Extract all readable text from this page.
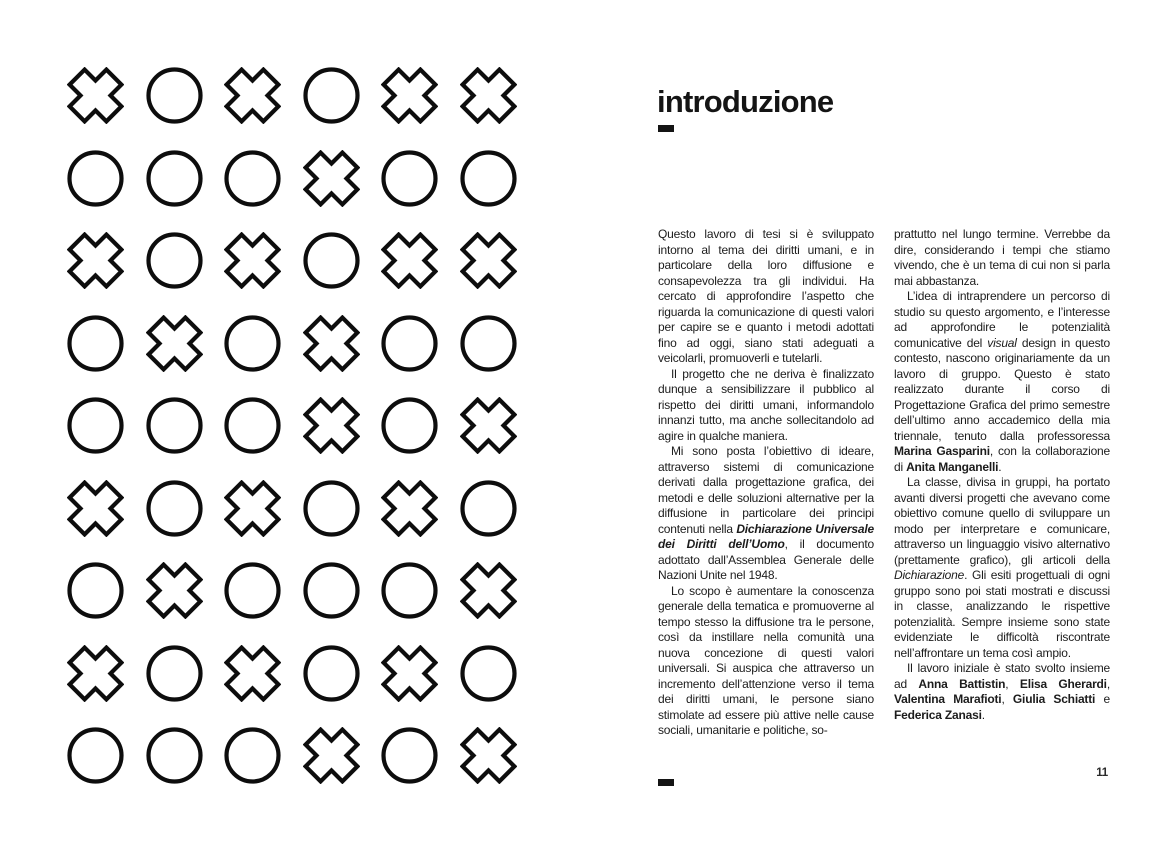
introduzione

Questo lavoro di tesi si è sviluppato intorno al tema dei diritti umani, e in particolare della loro diffusione e consapevolezza tra gli individui. Ha cercato di approfondire l’aspetto che riguarda la comunicazione di questi valori per capire se e quanto i metodi adottati fino ad oggi, siano stati adeguati a veicolarli, promuoverli e tutelarli.

Il progetto che ne deriva è finalizzato dunque a sensibilizzare il pubblico al rispetto dei diritti umani, informandolo innanzi tutto, ma anche sollecitandolo ad agire in qualche maniera.

Mi sono posta l’obiettivo di ideare, attraverso sistemi di comunicazione derivati dalla progettazione grafica, dei metodi e delle soluzioni alternative per la diffusione in particolare dei principi contenuti nella Dichiarazione Universale dei Diritti dell’Uomo, il documento adottato dall’Assemblea Generale delle Nazioni Unite nel 1948.

Lo scopo è aumentare la conoscenza generale della tematica e promuoverne al tempo stesso la diffusione tra le persone, così da instillare nella comunità una nuova concezione di questi valori universali. Si auspica che attraverso un incremento dell’attenzione verso il tema dei diritti umani, le persone siano stimolate ad essere più attive nelle cause sociali, umanitarie e politiche, so-

prattutto nel lungo termine. Verrebbe da dire, considerando i tempi che stiamo vivendo, che è un tema di cui non si parla mai abbastanza.

L’idea di intraprendere un percorso di studio su questo argomento, e l’interesse ad approfondire le potenzialità comunicative del visual design in questo contesto, nascono originariamente da un lavoro di gruppo. Questo è stato realizzato durante il corso di Progettazione Grafica del primo semestre dell’ultimo anno accademico della mia triennale, tenuto dalla professoressa Marina Gasparini, con la collaborazione di Anita Manganelli.

La classe, divisa in gruppi, ha portato avanti diversi progetti che avevano come obiettivo comune quello di sviluppare un modo per interpretare e comunicare, attraverso un linguaggio visivo alternativo (prettamente grafico), gli articoli della Dichiarazione. Gli esiti progettuali di ogni gruppo sono poi stati mostrati e discussi in classe, analizzando le rispettive potenzialità. Sempre insieme sono state evidenziate le difficoltà riscontrate nell’affrontare un tema così ampio.

Il lavoro iniziale è stato svolto insieme ad Anna Battistin, Elisa Gherardi, Valentina Marafioti, Giulia Schiatti e Federica Zanasi.

11
